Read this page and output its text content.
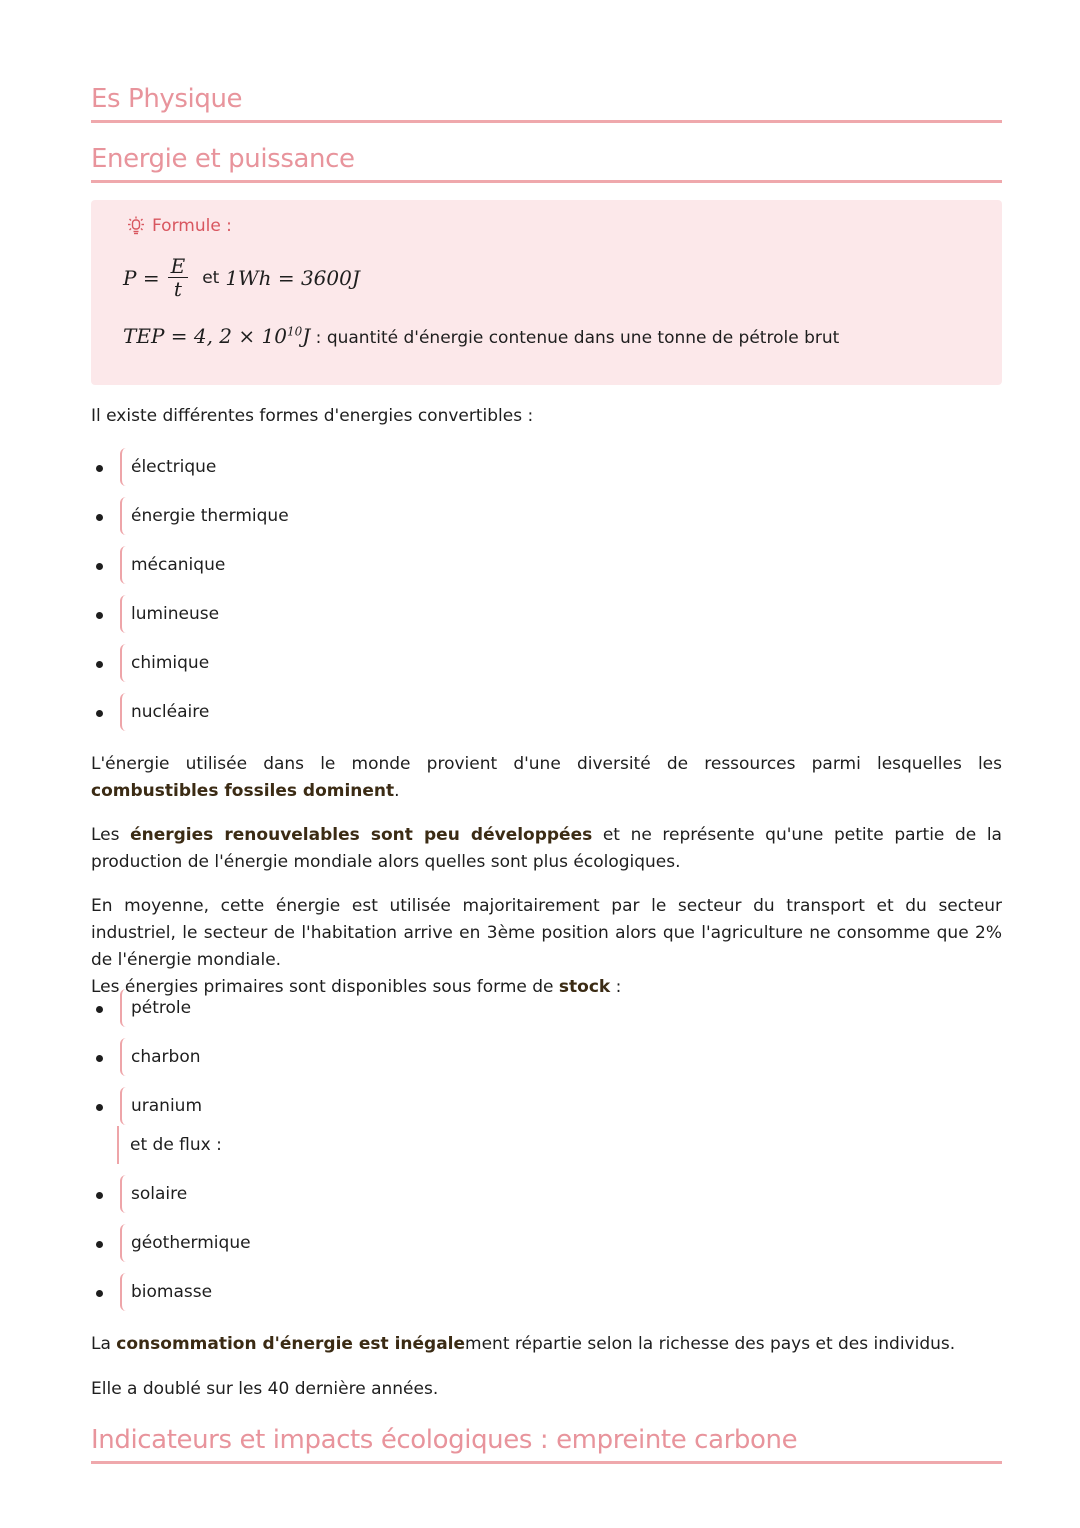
Es Physique
Energie et puissance
Formule :
$P = \frac{E}{t}$ et 1Wh = 3600J
TEP = 4, $2 \times 10^{10}J$ : quantité d'énergie contenue dans une tonne de pétrole brut

Il existe différentes formes d'energies convertibles :

électrique
énergie thermique
mécanique
lumineuse
chimique
nucléaire

L'énergie utilisée dans le monde provient d'une diversité de ressources parmi lesquelles les combustibles fossiles dominent.

Les énergies renouvelables sont peu développées et ne représente qu'une petite partie de la production de l'énergie mondiale alors quelles sont plus écologiques.

En moyenne, cette énergie est utilisée majoritairement par le secteur du transport et du secteur industriel, le secteur de l'habitation arrive en 3ème position alors que l'agriculture ne consomme que 2% de l'énergie mondiale.
Les énergies primaires sont disponibles sous forme de stock :

pétrole
charbon
uranium
et de flux :
solaire
géothermique
biomasse

La consommation d'énergie est inégalement répartie selon la richesse des pays et des individus.

Elle a doublé sur les 40 dernière années.

Indicateurs et impacts écologiques : empreinte carbone
